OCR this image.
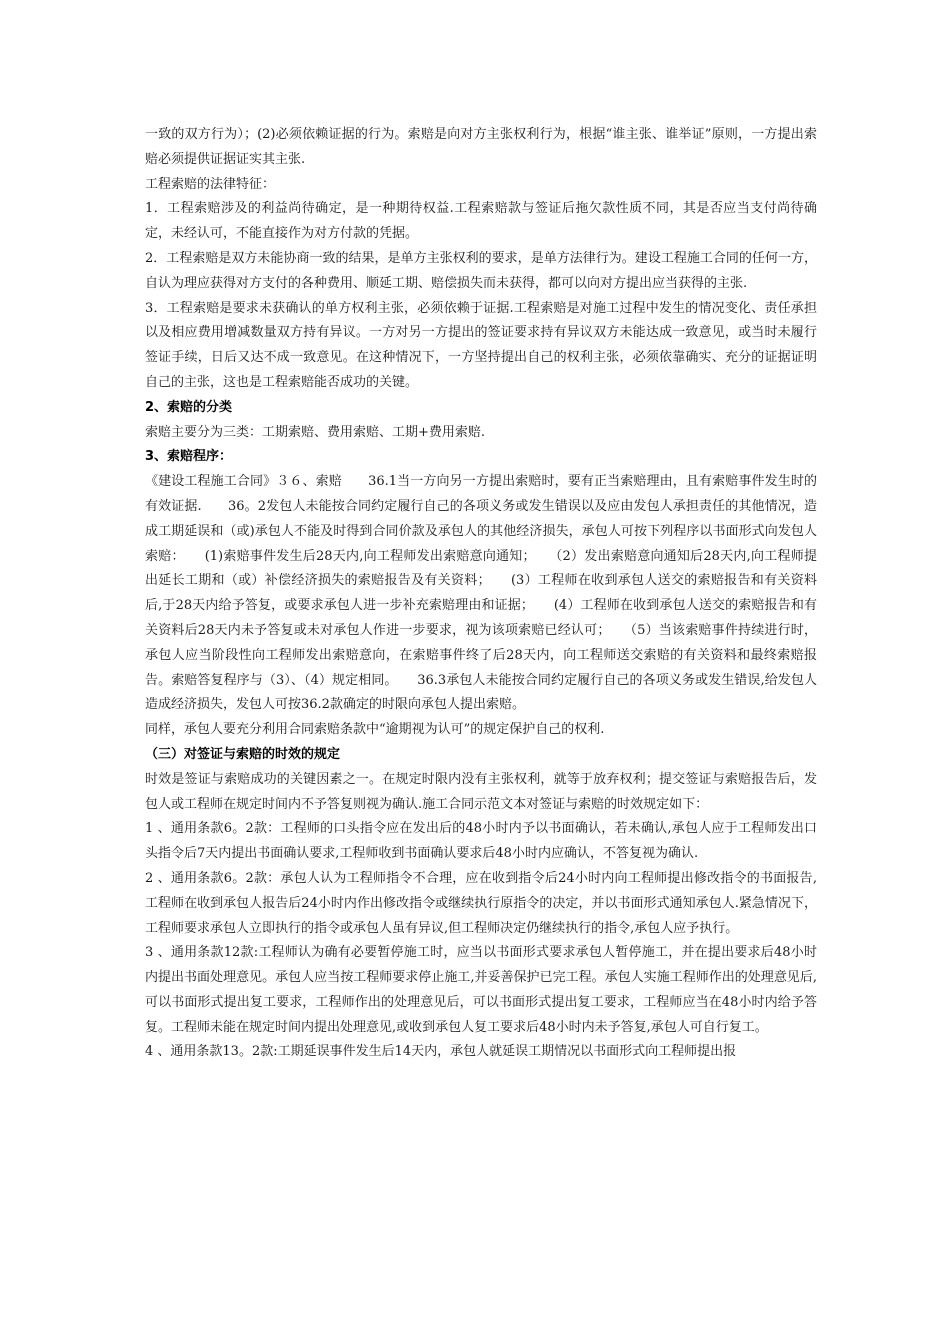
一致的双方行为）；(2)必须依赖证据的行为。索赔是向对方主张权利行为，根据“谁主张、谁举证”原则，一方提出索赔必须提供证据证实其主张.

工程索赔的法律特征：

1．工程索赔涉及的利益尚待确定，是一种期待权益.工程索赔款与签证后拖欠款性质不同，其是否应当支付尚待确定，未经认可，不能直接作为对方付款的凭据。

2．工程索赔是双方未能协商一致的结果，是单方主张权利的要求，是单方法律行为。建设工程施工合同的任何一方，自认为理应获得对方支付的各种费用、顺延工期、赔偿损失而未获得，都可以向对方提出应当获得的主张.

3．工程索赔是要求未获确认的单方权利主张，必须依赖于证据.工程索赔是对施工过程中发生的情况变化、责任承担以及相应费用增减数量双方持有异议。一方对另一方提出的签证要求持有异议双方未能达成一致意见，或当时未履行签证手续，日后又达不成一致意见。在这种情况下，一方坚持提出自己的权利主张，必须依靠确实、充分的证据证明自己的主张，这也是工程索赔能否成功的关键。

2、索赔的分类

索赔主要分为三类：工期索赔、费用索赔、工期+费用索赔.

3、索赔程序：

《建设工程施工合同》３６、索赔　　36.1当一方向另一方提出索赔时，要有正当索赔理由，且有索赔事件发生时的有效证据.　　36。2发包人未能按合同约定履行自己的各项义务或发生错误以及应由发包人承担责任的其他情况，造成工期延误和（或)承包人不能及时得到合同价款及承包人的其他经济损失，承包人可按下列程序以书面形式向发包人索赔：　　(1)索赔事件发生后28天内,向工程师发出索赔意向通知；　　（2）发出索赔意向通知后28天内,向工程师提出延长工期和（或）补偿经济损失的索赔报告及有关资料；　　(3）工程师在收到承包人送交的索赔报告和有关资料后,于28天内给予答复，或要求承包人进一步补充索赔理由和证据；　　(4）工程师在收到承包人送交的索赔报告和有关资料后28天内未予答复或未对承包人作进一步要求，视为该项索赔已经认可；　　（5）当该索赔事件持续进行时，承包人应当阶段性向工程师发出索赔意向，在索赔事件终了后28天内，向工程师送交索赔的有关资料和最终索赔报告。索赔答复程序与（3）、（4）规定相同。　　36.3承包人未能按合同约定履行自己的各项义务或发生错误,给发包人造成经济损失，发包人可按36.2款确定的时限向承包人提出索赔。

同样，承包人要充分利用合同索赔条款中“逾期视为认可”的规定保护自己的权利.

（三）对签证与索赔的时效的规定

时效是签证与索赔成功的关键因素之一。在规定时限内没有主张权利，就等于放弃权利；提交签证与索赔报告后，发包人或工程师在规定时间内不予答复则视为确认.施工合同示范文本对签证与索赔的时效规定如下：

1 、通用条款6。2款：工程师的口头指令应在发出后的48小时内予以书面确认，若未确认,承包人应于工程师发出口头指令后7天内提出书面确认要求,工程师收到书面确认要求后48小时内应确认，不答复视为确认.

2 、通用条款6。2款：承包人认为工程师指令不合理，应在收到指令后24小时内向工程师提出修改指令的书面报告,工程师在收到承包人报告后24小时内作出修改指令或继续执行原指令的决定，并以书面形式通知承包人.紧急情况下，工程师要求承包人立即执行的指令或承包人虽有异议,但工程师决定仍继续执行的指令,承包人应予执行。

3 、通用条款12款:工程师认为确有必要暂停施工时，应当以书面形式要求承包人暂停施工，并在提出要求后48小时内提出书面处理意见。承包人应当按工程师要求停止施工,并妥善保护已完工程。承包人实施工程师作出的处理意见后,可以书面形式提出复工要求，工程师作出的处理意见后，可以书面形式提出复工要求，工程师应当在48小时内给予答复。工程师未能在规定时间内提出处理意见,或收到承包人复工要求后48小时内未予答复,承包人可自行复工。

4 、通用条款13。2款:工期延误事件发生后14天内，承包人就延误工期情况以书面形式向工程师提出报
